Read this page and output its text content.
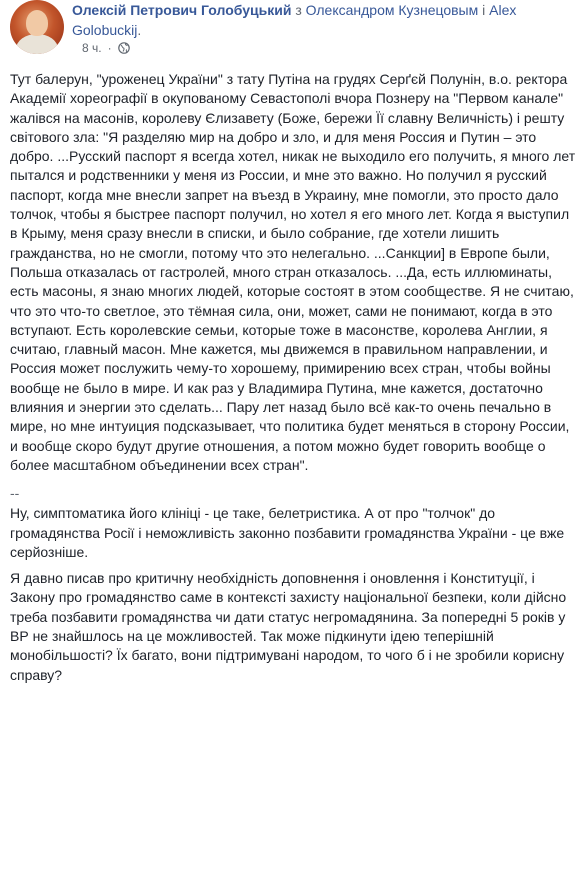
Олексій Петрович Голобуцький з Олександром Кузнецовым і Alex Golobuckij.
8 ч. ·

Тут балерун, "уроженец України" з тату Путіна на грудях Серґєй Полунін, в.о. ректора Академії хореографії в окупованому Севастополі вчора Познеру на "Первом канале" жалівся на масонів, королеву Єлизавету (Боже, бережи Її славну Величність) і решту світового зла: "Я разделяю мир на добро и зло, и для меня Россия и Путин – это добро. ...Русский паспорт я всегда хотел, никак не выходило его получить, я много лет пытался и родственники у меня из России, и мне это важно. Но получил я русский паспорт, когда мне внесли запрет на въезд в Украину, мне помогли, это просто дало толчок, чтобы я быстрее паспорт получил, но хотел я его много лет. Когда я выступил в Крыму, меня сразу внесли в списки, и было собрание, где хотели лишить гражданства, но не смогли, потому что это нелегально. ...Санкции] в Европе были, Польша отказалась от гастролей, много стран отказалось. ...Да, есть иллюминаты, есть масоны, я знаю многих людей, которые состоят в этом сообществе. Я не считаю, что это что-то светлое, это тёмная сила, они, может, сами не понимают, когда в это вступают. Есть королевские семьи, которые тоже в масонстве, королева Англии, я считаю, главный масон. Мне кажется, мы движемся в правильном направлении, и Россия может послужить чему-то хорошему, примирению всех стран, чтобы войны вообще не было в мире. И как раз у Владимира Путина, мне кажется, достаточно влияния и энергии это сделать... Пару лет назад было всё как-то очень печально в мире, но мне интуиция подсказывает, что политика будет меняться в сторону России, и вообще скоро будут другие отношения, а потом можно будет говорить вообще о более масштабном объединении всех стран".

--

Ну, симптоматика його клініці - це таке, белетристика. А от про "толчок" до громадянства Росії і неможливість законно позбавити громадянства України - це вже серйозніше.

Я давно писав про критичну необхідність доповнення і оновлення і Конституції, і Закону про громадянство саме в контексті захисту національної безпеки, коли дійсно треба позбавити громадянства чи дати статус негромадянина. За попередні 5 років у ВР не знайшлось на це можливостей. Так може підкинути ідею теперішній монобільшості? Їх багато, вони підтримувані народом, то чого б і не зробили корисну справу?
